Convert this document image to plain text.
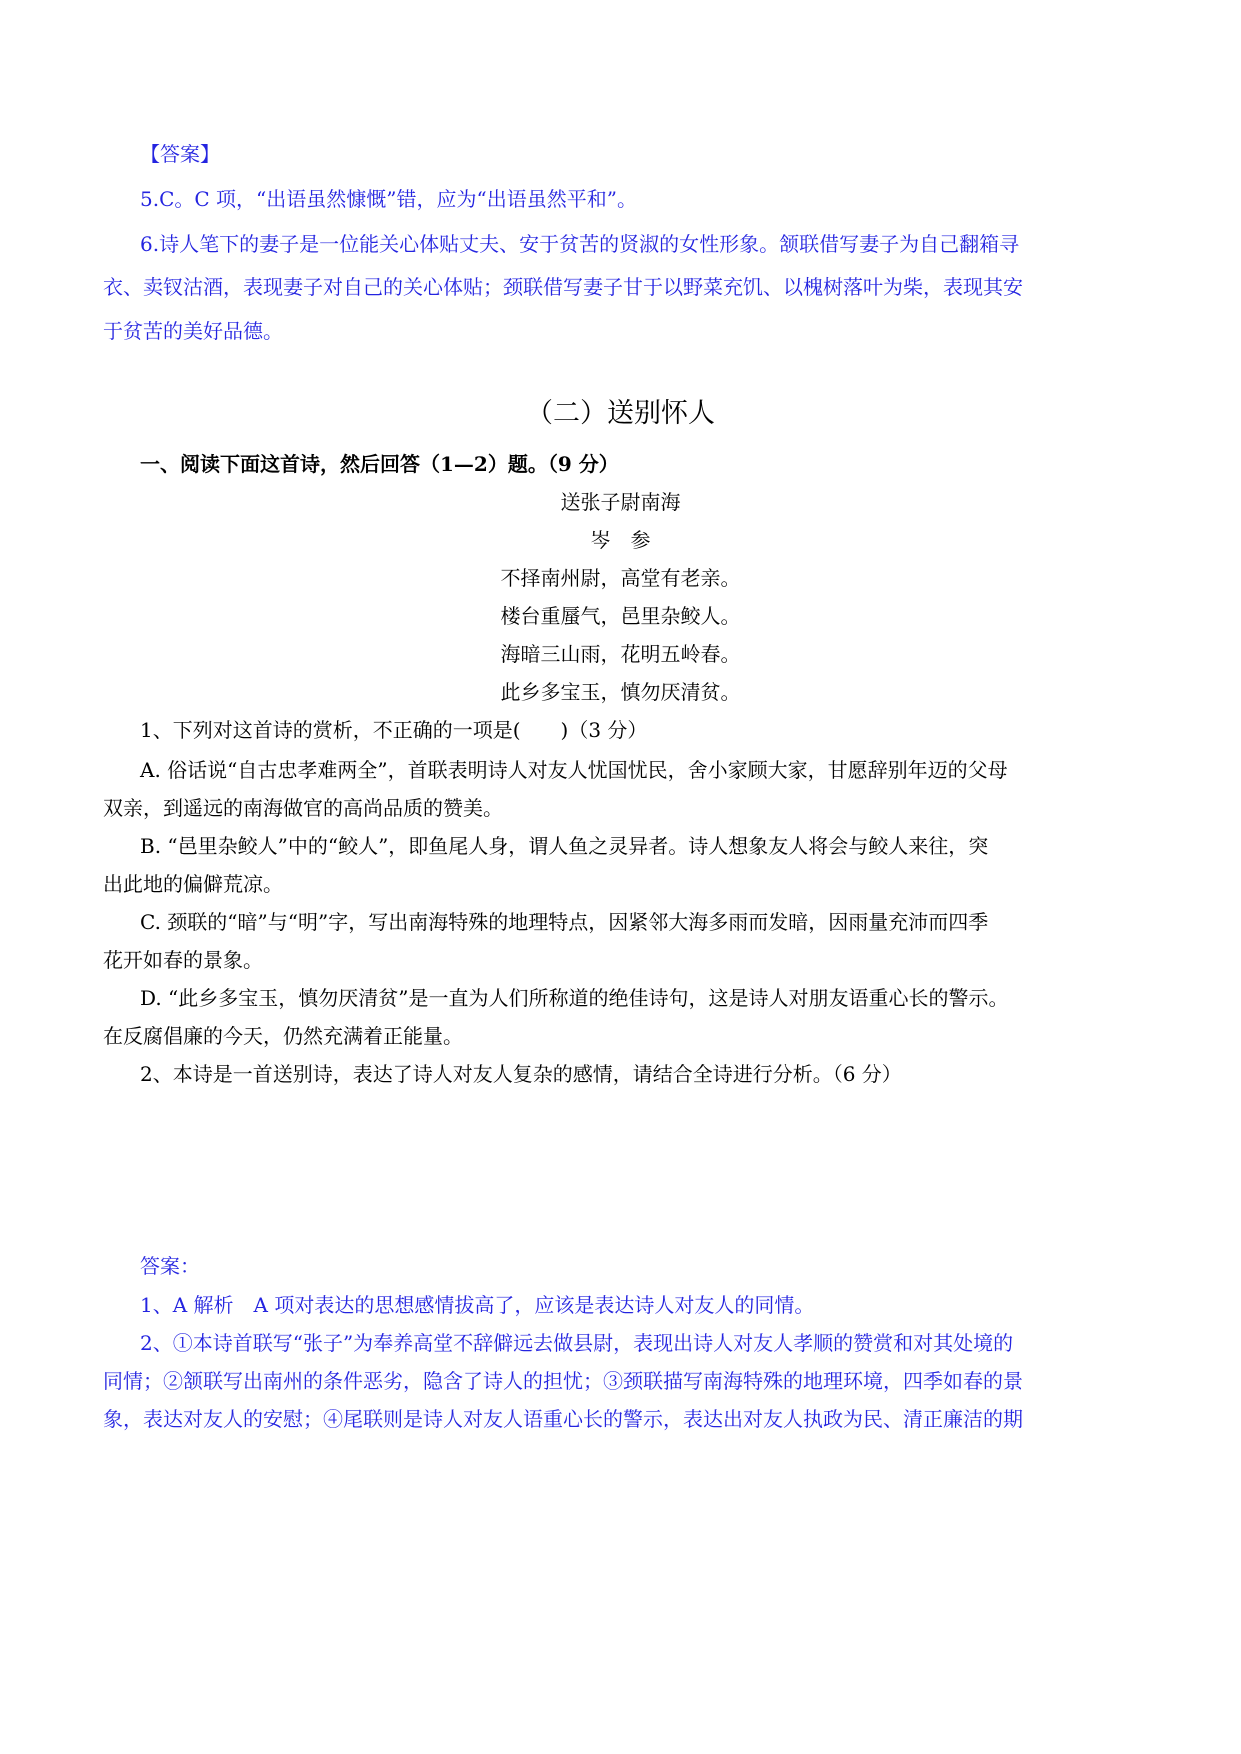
【答案】
5.C。C 项，“出语虽然慷慨”错，应为“出语虽然平和”。
6.诗人笔下的妻子是一位能关心体贴丈夫、安于贫苦的贤淑的女性形象。颔联借写妻子为自己翻箱寻
衣、卖钗沽酒，表现妻子对自己的关心体贴；颈联借写妻子甘于以野菜充饥、以槐树落叶为柴，表现其安
于贫苦的美好品德。
（二）送别怀人
一、阅读下面这首诗，然后回答（1—2）题。（9 分）
送张子尉南海
岑　参
不择南州尉，高堂有老亲。
楼台重蜃气，邑里杂鲛人。
海暗三山雨，花明五岭春。
此乡多宝玉，慎勿厌清贫。
1、下列对这首诗的赏析，不正确的一项是(　　)（3 分）
A. 俗话说“自古忠孝难两全”，首联表明诗人对友人忧国忧民，舍小家顾大家，甘愿辞别年迈的父母
双亲，到遥远的南海做官的高尚品质的赞美。
B. “邑里杂鲛人”中的“鲛人”，即鱼尾人身，谓人鱼之灵异者。诗人想象友人将会与鲛人来往，突
出此地的偏僻荒凉。
C. 颈联的“暗”与“明”字，写出南海特殊的地理特点，因紧邻大海多雨而发暗，因雨量充沛而四季
花开如春的景象。
D. “此乡多宝玉，慎勿厌清贫”是一直为人们所称道的绝佳诗句，这是诗人对朋友语重心长的警示。
在反腐倡廉的今天，仍然充满着正能量。
2、本诗是一首送别诗，表达了诗人对友人复杂的感情，请结合全诗进行分析。（6 分）
答案：
1、A 解析　A 项对表达的思想感情拔高了，应该是表达诗人对友人的同情。
2、①本诗首联写“张子”为奉养高堂不辞僻远去做县尉，表现出诗人对友人孝顺的赞赏和对其处境的
同情；②颔联写出南州的条件恶劣，隐含了诗人的担忧；③颈联描写南海特殊的地理环境，四季如春的景
象，表达对友人的安慰；④尾联则是诗人对友人语重心长的警示，表达出对友人执政为民、清正廉洁的期
